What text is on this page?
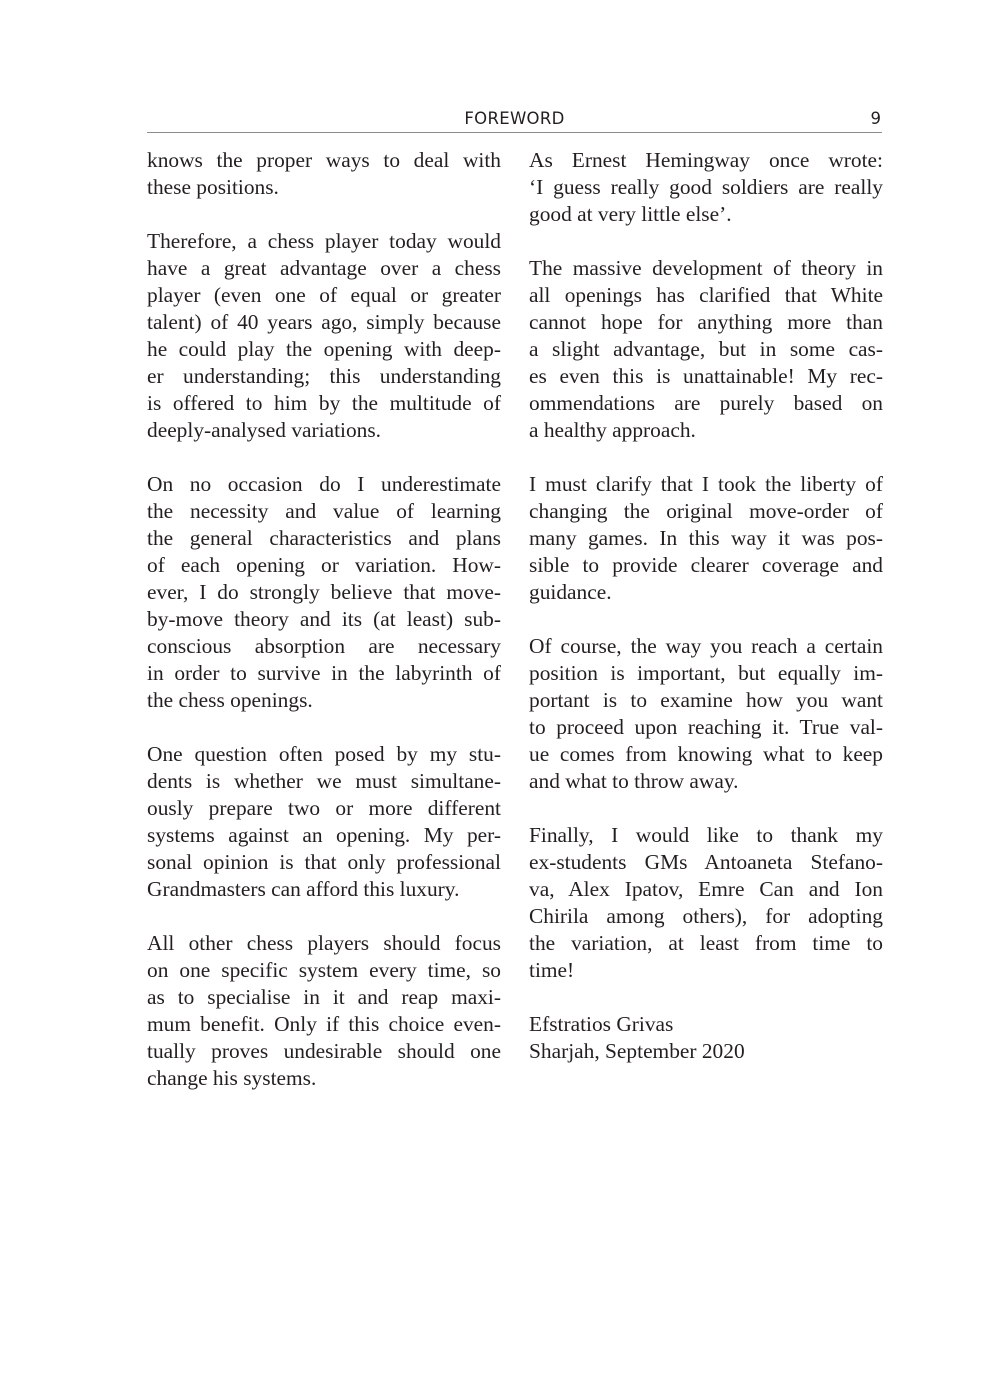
FOREWORD	9

knows the proper ways to deal with
these positions.

Therefore, a chess player today would
have a great advantage over a chess
player (even one of equal or greater
talent) of 40 years ago, simply because
he could play the opening with deep-
er understanding; this understanding
is offered to him by the multitude of
deeply-analysed variations.

On no occasion do I underestimate
the necessity and value of learning
the general characteristics and plans
of each opening or variation. How-
ever, I do strongly believe that move-
by-move theory and its (at least) sub-
conscious absorption are necessary
in order to survive in the labyrinth of
the chess openings.

One question often posed by my stu-
dents is whether we must simultane-
ously prepare two or more different
systems against an opening. My per-
sonal opinion is that only professional
Grandmasters can afford this luxury.

All other chess players should focus
on one specific system every time, so
as to specialise in it and reap maxi-
mum benefit. Only if this choice even-
tually proves undesirable should one
change his systems.

As Ernest Hemingway once wrote:
‘I guess really good soldiers are really
good at very little else’.

The massive development of theory in
all openings has clarified that White
cannot hope for anything more than
a slight advantage, but in some cas-
es even this is unattainable! My rec-
ommendations are purely based on
a healthy approach.

I must clarify that I took the liberty of
changing the original move-order of
many games. In this way it was pos-
sible to provide clearer coverage and
guidance.

Of course, the way you reach a certain
position is important, but equally im-
portant is to examine how you want
to proceed upon reaching it. True val-
ue comes from knowing what to keep
and what to throw away.

Finally, I would like to thank my
ex-students GMs Antoaneta Stefano-
va, Alex Ipatov, Emre Can and Ion
Chirila among others), for adopting
the variation, at least from time to
time!

Efstratios Grivas
Sharjah, September 2020
